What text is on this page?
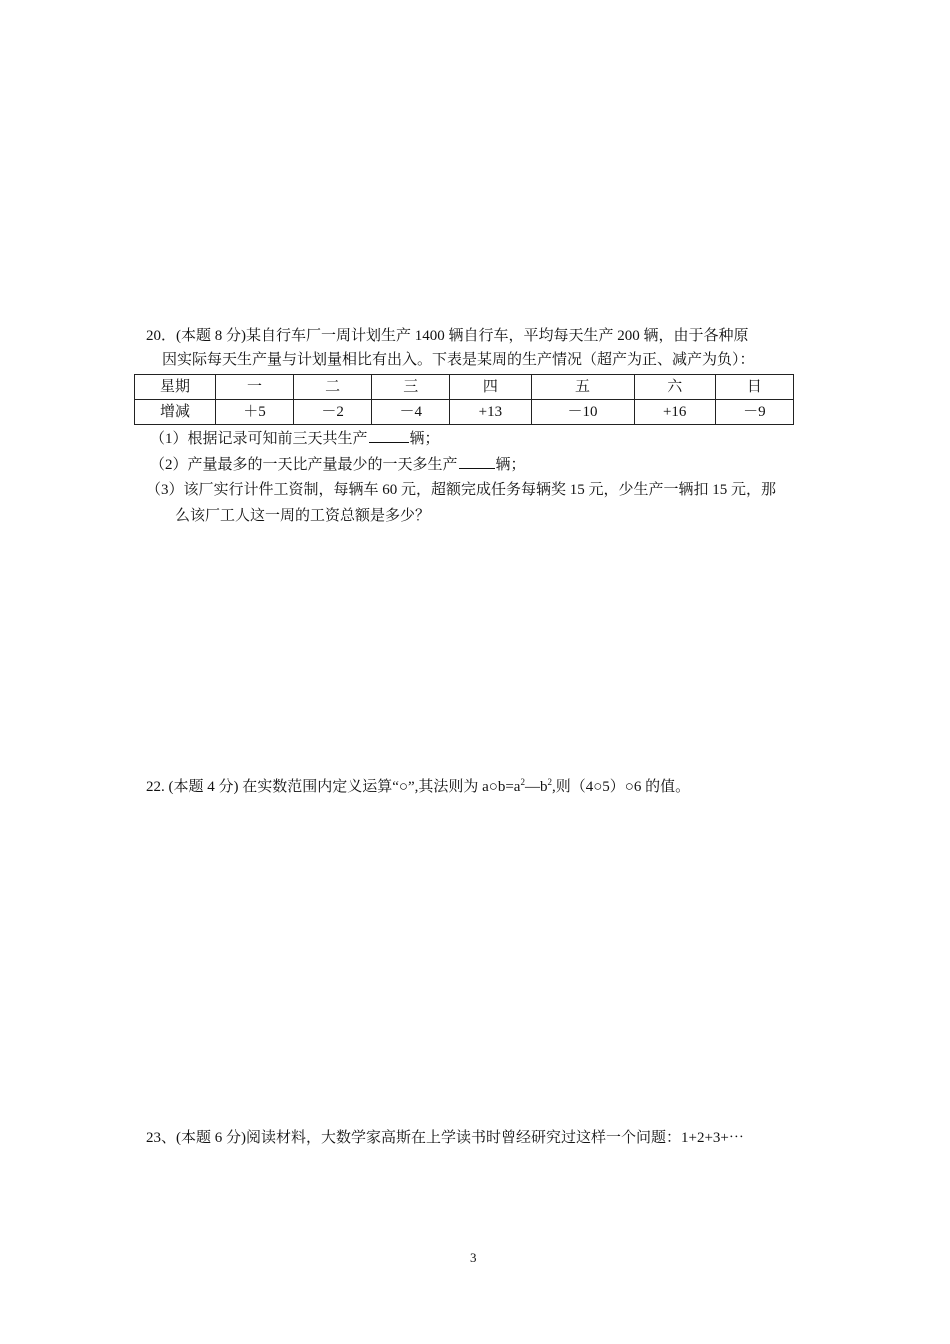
20．(本题 8 分)某自行车厂一周计划生产 1400 辆自行车，平均每天生产 200 辆，由于各种原
因实际每天生产量与计划量相比有出入。下表是某周的生产情况（超产为正、减产为负）：
星期	一	二	三	四	五	六	日
增减	＋5	－2	－4	+13	－10	+16	－9
（1）根据记录可知前三天共生产	辆；
（2）产量最多的一天比产量最少的一天多生产	辆；
（3）该厂实行计件工资制，每辆车 60 元，超额完成任务每辆奖 15 元，少生产一辆扣 15 元，那
么该厂工人这一周的工资总额是多少？
22. (本题 4 分) 在实数范围内定义运算“○”,其法则为 $a○b=a^2—b^2$,则（4○5）○6 的值。
23、(本题 6 分)阅读材料，大数学家高斯在上学读书时曾经研究过这样一个问题：1+2+3+⋯
3
